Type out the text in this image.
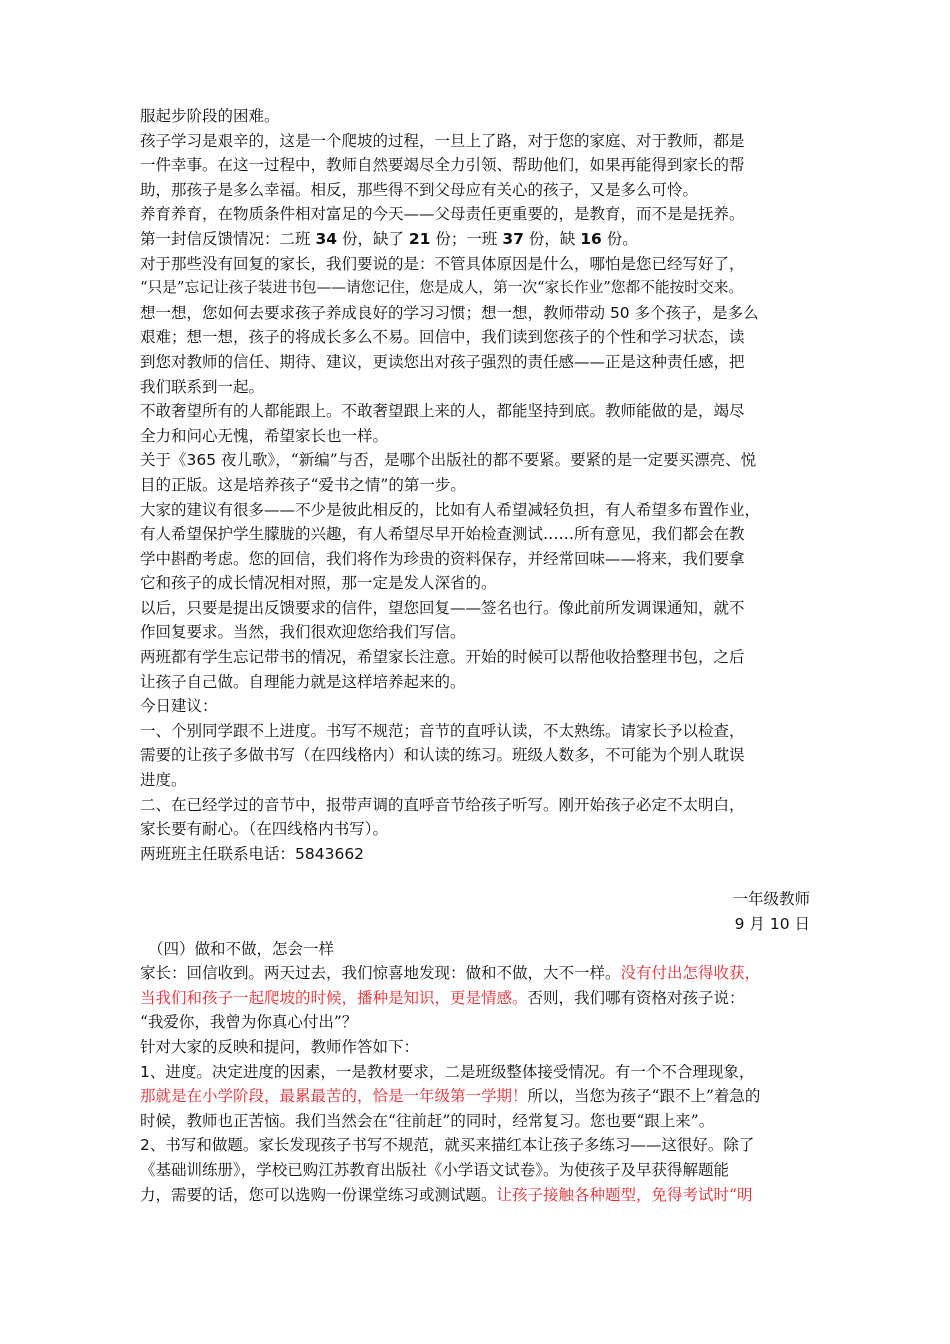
服起步阶段的困难。
孩子学习是艰辛的，这是一个爬坡的过程，一旦上了路，对于您的家庭、对于教师，都是
一件幸事。在这一过程中，教师自然要竭尽全力引领、帮助他们，如果再能得到家长的帮
助，那孩子是多么幸福。相反，那些得不到父母应有关心的孩子，又是多么可怜。
养育养育，在物质条件相对富足的今天——父母责任更重要的，是教育，而不是是抚养。
第一封信反馈情况：二班 34 份，缺了 21 份；一班 37 份，缺 16 份。
对于那些没有回复的家长，我们要说的是：不管具体原因是什么，哪怕是您已经写好了，
“只是”忘记让孩子装进书包——请您记住，您是成人，第一次“家长作业”您都不能按时交来。
想一想，您如何去要求孩子养成良好的学习习惯；想一想，教师带动 50 多个孩子，是多么
艰难；想一想，孩子的将成长多么不易。回信中，我们读到您孩子的个性和学习状态，读
到您对教师的信任、期待、建议，更读您出对孩子强烈的责任感——正是这种责任感，把
我们联系到一起。
不敢奢望所有的人都能跟上。不敢奢望跟上来的人，都能坚持到底。教师能做的是，竭尽
全力和问心无愧，希望家长也一样。
关于《365 夜儿歌》，“新编”与否，是哪个出版社的都不要紧。要紧的是一定要买漂亮、悦
目的正版。这是培养孩子“爱书之情”的第一步。
大家的建议有很多——不少是彼此相反的，比如有人希望减轻负担，有人希望多布置作业，
有人希望保护学生朦胧的兴趣，有人希望尽早开始检查测试……所有意见，我们都会在教
学中斟酌考虑。您的回信，我们将作为珍贵的资料保存，并经常回味——将来，我们要拿
它和孩子的成长情况相对照，那一定是发人深省的。
以后，只要是提出反馈要求的信件，望您回复——签名也行。像此前所发调课通知，就不
作回复要求。当然，我们很欢迎您给我们写信。
两班都有学生忘记带书的情况，希望家长注意。开始的时候可以帮他收拾整理书包，之后
让孩子自己做。自理能力就是这样培养起来的。
今日建议：
一、个别同学跟不上进度。书写不规范；音节的直呼认读，不太熟练。请家长予以检查，
需要的让孩子多做书写（在四线格内）和认读的练习。班级人数多，不可能为个别人耽误
进度。
二、在已经学过的音节中，报带声调的直呼音节给孩子听写。刚开始孩子必定不太明白，
家长要有耐心。（在四线格内书写）。
两班班主任联系电话：5843662
一年级教师
9 月 10 日
（四）做和不做，怎会一样
家长：回信收到。两天过去，我们惊喜地发现：做和不做，大不一样。没有付出怎得收获，
当我们和孩子一起爬坡的时候，播种是知识，更是情感。否则，我们哪有资格对孩子说：
“我爱你，我曾为你真心付出”？
针对大家的反映和提问，教师作答如下：
1、进度。决定进度的因素，一是教材要求，二是班级整体接受情况。有一个不合理现象，
那就是在小学阶段，最累最苦的，恰是一年级第一学期！所以，当您为孩子“跟不上”着急的
时候，教师也正苦恼。我们当然会在“往前赶”的同时，经常复习。您也要“跟上来”。
2、书写和做题。家长发现孩子书写不规范，就买来描红本让孩子多练习——这很好。除了
《基础训练册》，学校已购江苏教育出版社《小学语文试卷》。为使孩子及早获得解题能
力，需要的话，您可以选购一份课堂练习或测试题。让孩子接触各种题型，免得考试时“明
